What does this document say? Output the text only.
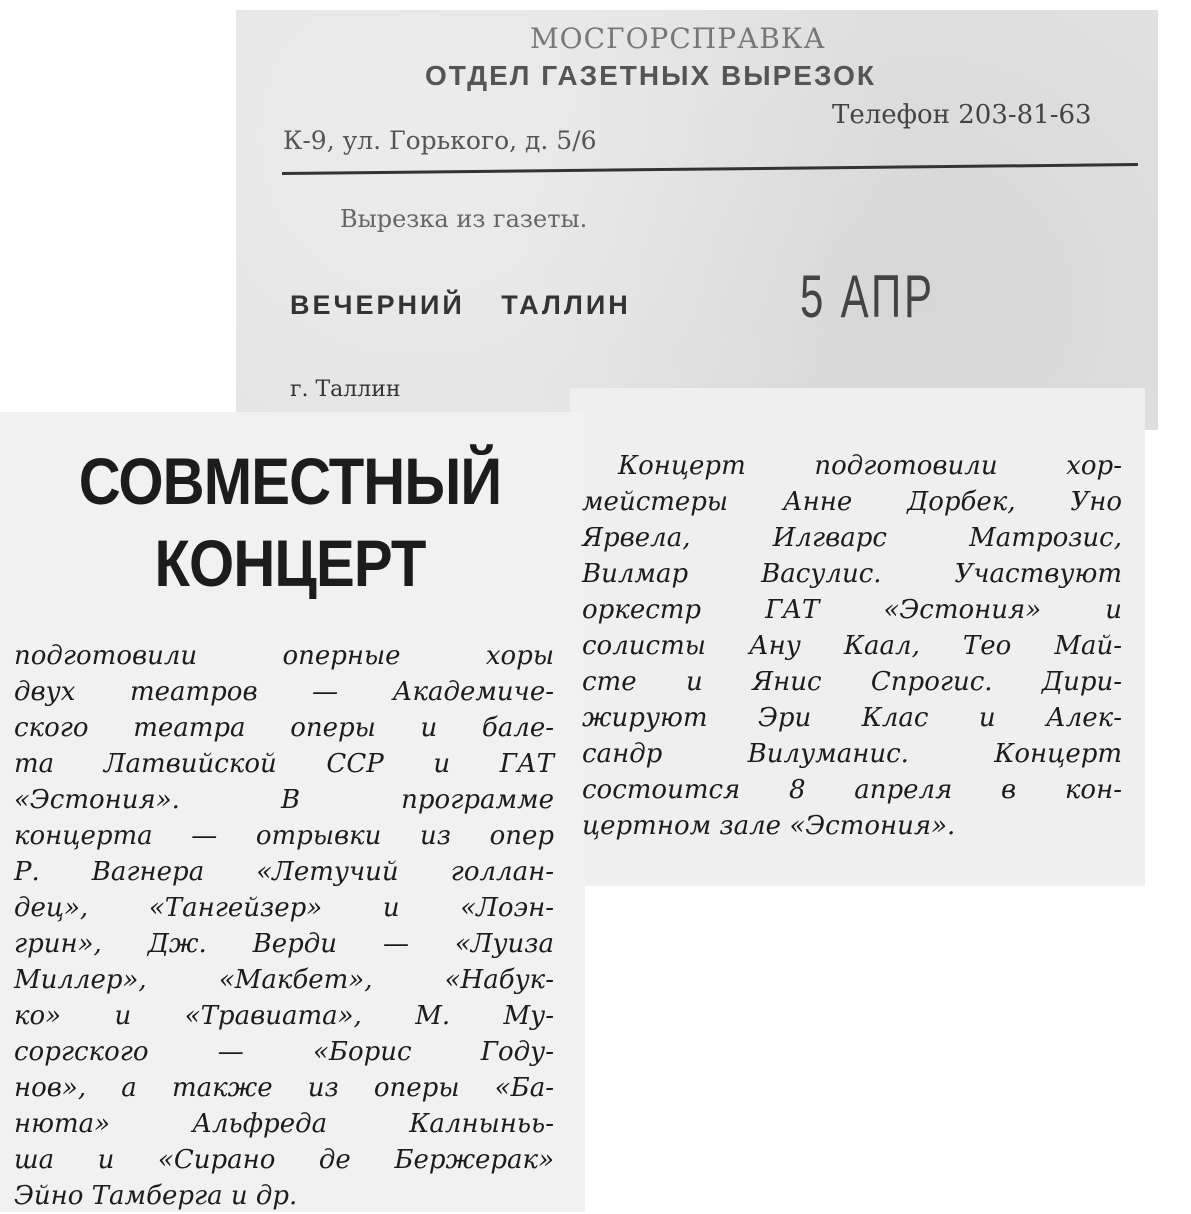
МОСГОРСПРАВКА
ОТДЕЛ ГАЗЕТНЫХ ВЫРЕЗОК
К-9, ул. Горького, д. 5/6
Телефон 203-81-63
Вырезка из газеты.
ВЕЧЕРНИЙ ТАЛЛИН	5 АПР
г. Таллин
СОВМЕСТНЫЙ
КОНЦЕРТ
подготовили оперные хоры
двух театров — Академиче-
ского театра оперы и бале-
та Латвийской ССР и ГАТ
«Эстония». В программе
концерта — отрывки из опер
Р. Вагнера «Летучий голлан-
дец», «Тангейзер» и «Лоэн-
грин», Дж. Верди — «Луиза
Миллер», «Макбет», «Набук-
ко» и «Травиата», М. Му-
соргского — «Борис Году-
нов», а также из оперы «Ба-
нюта» Альфреда Калныньь-
ша и «Сирано де Бержерак»
Эйно Тамберга и др.
Концерт подготовили хор-
мейстеры Анне Дорбек, Уно
Ярвела, Илгварс Матрозис,
Вилмар Васулис. Участвуют
оркестр ГАТ «Эстония» и
солисты Ану Каал, Тео Май-
сте и Янис Спрогис. Дири-
жируют Эри Клас и Алек-
сандр Вилуманис. Концерт
состоится 8 апреля в кон-
цертном зале «Эстония».
